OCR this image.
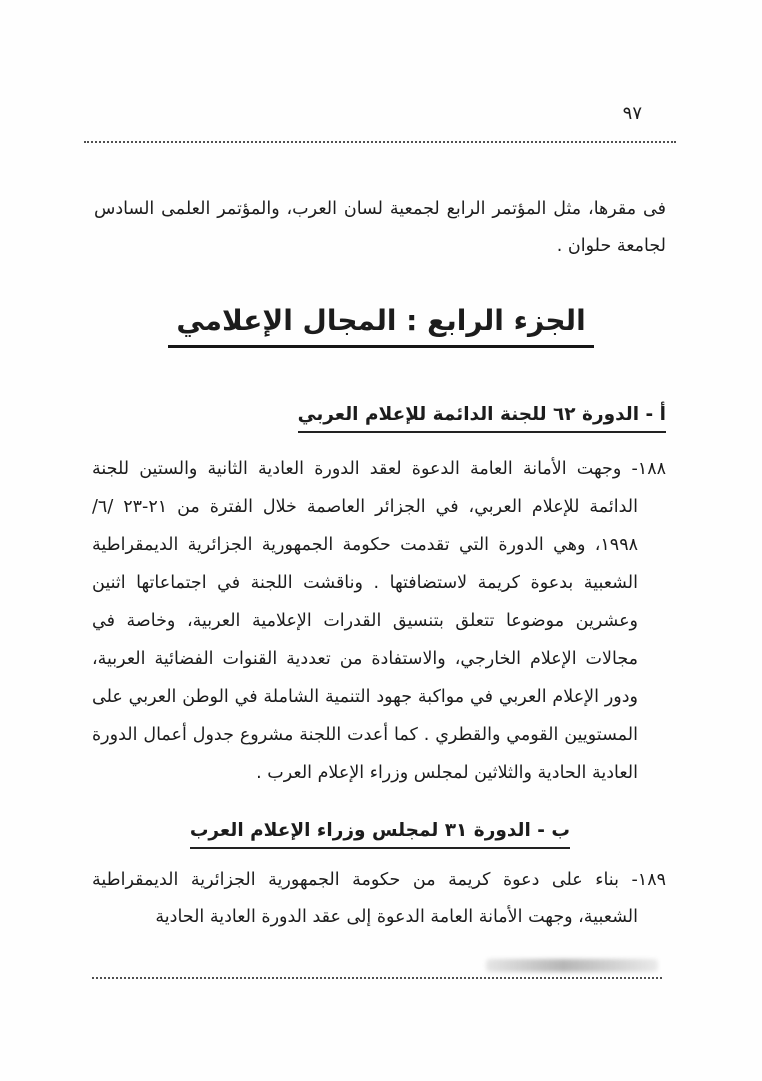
٩٧

فى مقرها، مثل المؤتمر الرابع لجمعية لسان العرب، والمؤتمر العلمى السادس لجامعة حلوان .

الجزء الرابع : المجال الإعلامي
أ - الدورة ٦٢ للجنة الدائمة للإعلام العربي

١٨٨- وجهت الأمانة العامة الدعوة لعقد الدورة العادية الثانية والستين للجنة الدائمة للإعلام العربي، في الجزائر العاصمة خلال الفترة من ٢١-٢٣ /٦/ ١٩٩٨، وهي الدورة التي تقدمت حكومة الجمهورية الجزائرية الديمقراطية الشعبية بدعوة كريمة لاستضافتها . وناقشت اللجنة في اجتماعاتها اثنين وعشرين موضوعا تتعلق بتنسيق القدرات الإعلامية العربية، وخاصة في مجالات الإعلام الخارجي، والاستفادة من تعددية القنوات الفضائية العربية، ودور الإعلام العربي في مواكبة جهود التنمية الشاملة في الوطن العربي على المستويين القومي والقطري . كما أعدت اللجنة مشروع جدول أعمال الدورة العادية الحادية والثلاثين لمجلس وزراء الإعلام العرب .

ب - الدورة ٣١ لمجلس وزراء الإعلام العرب

١٨٩- بناء على دعوة كريمة من حكومة الجمهورية الجزائرية الديمقراطية الشعبية، وجهت الأمانة العامة الدعوة إلى عقد الدورة العادية الحادية
